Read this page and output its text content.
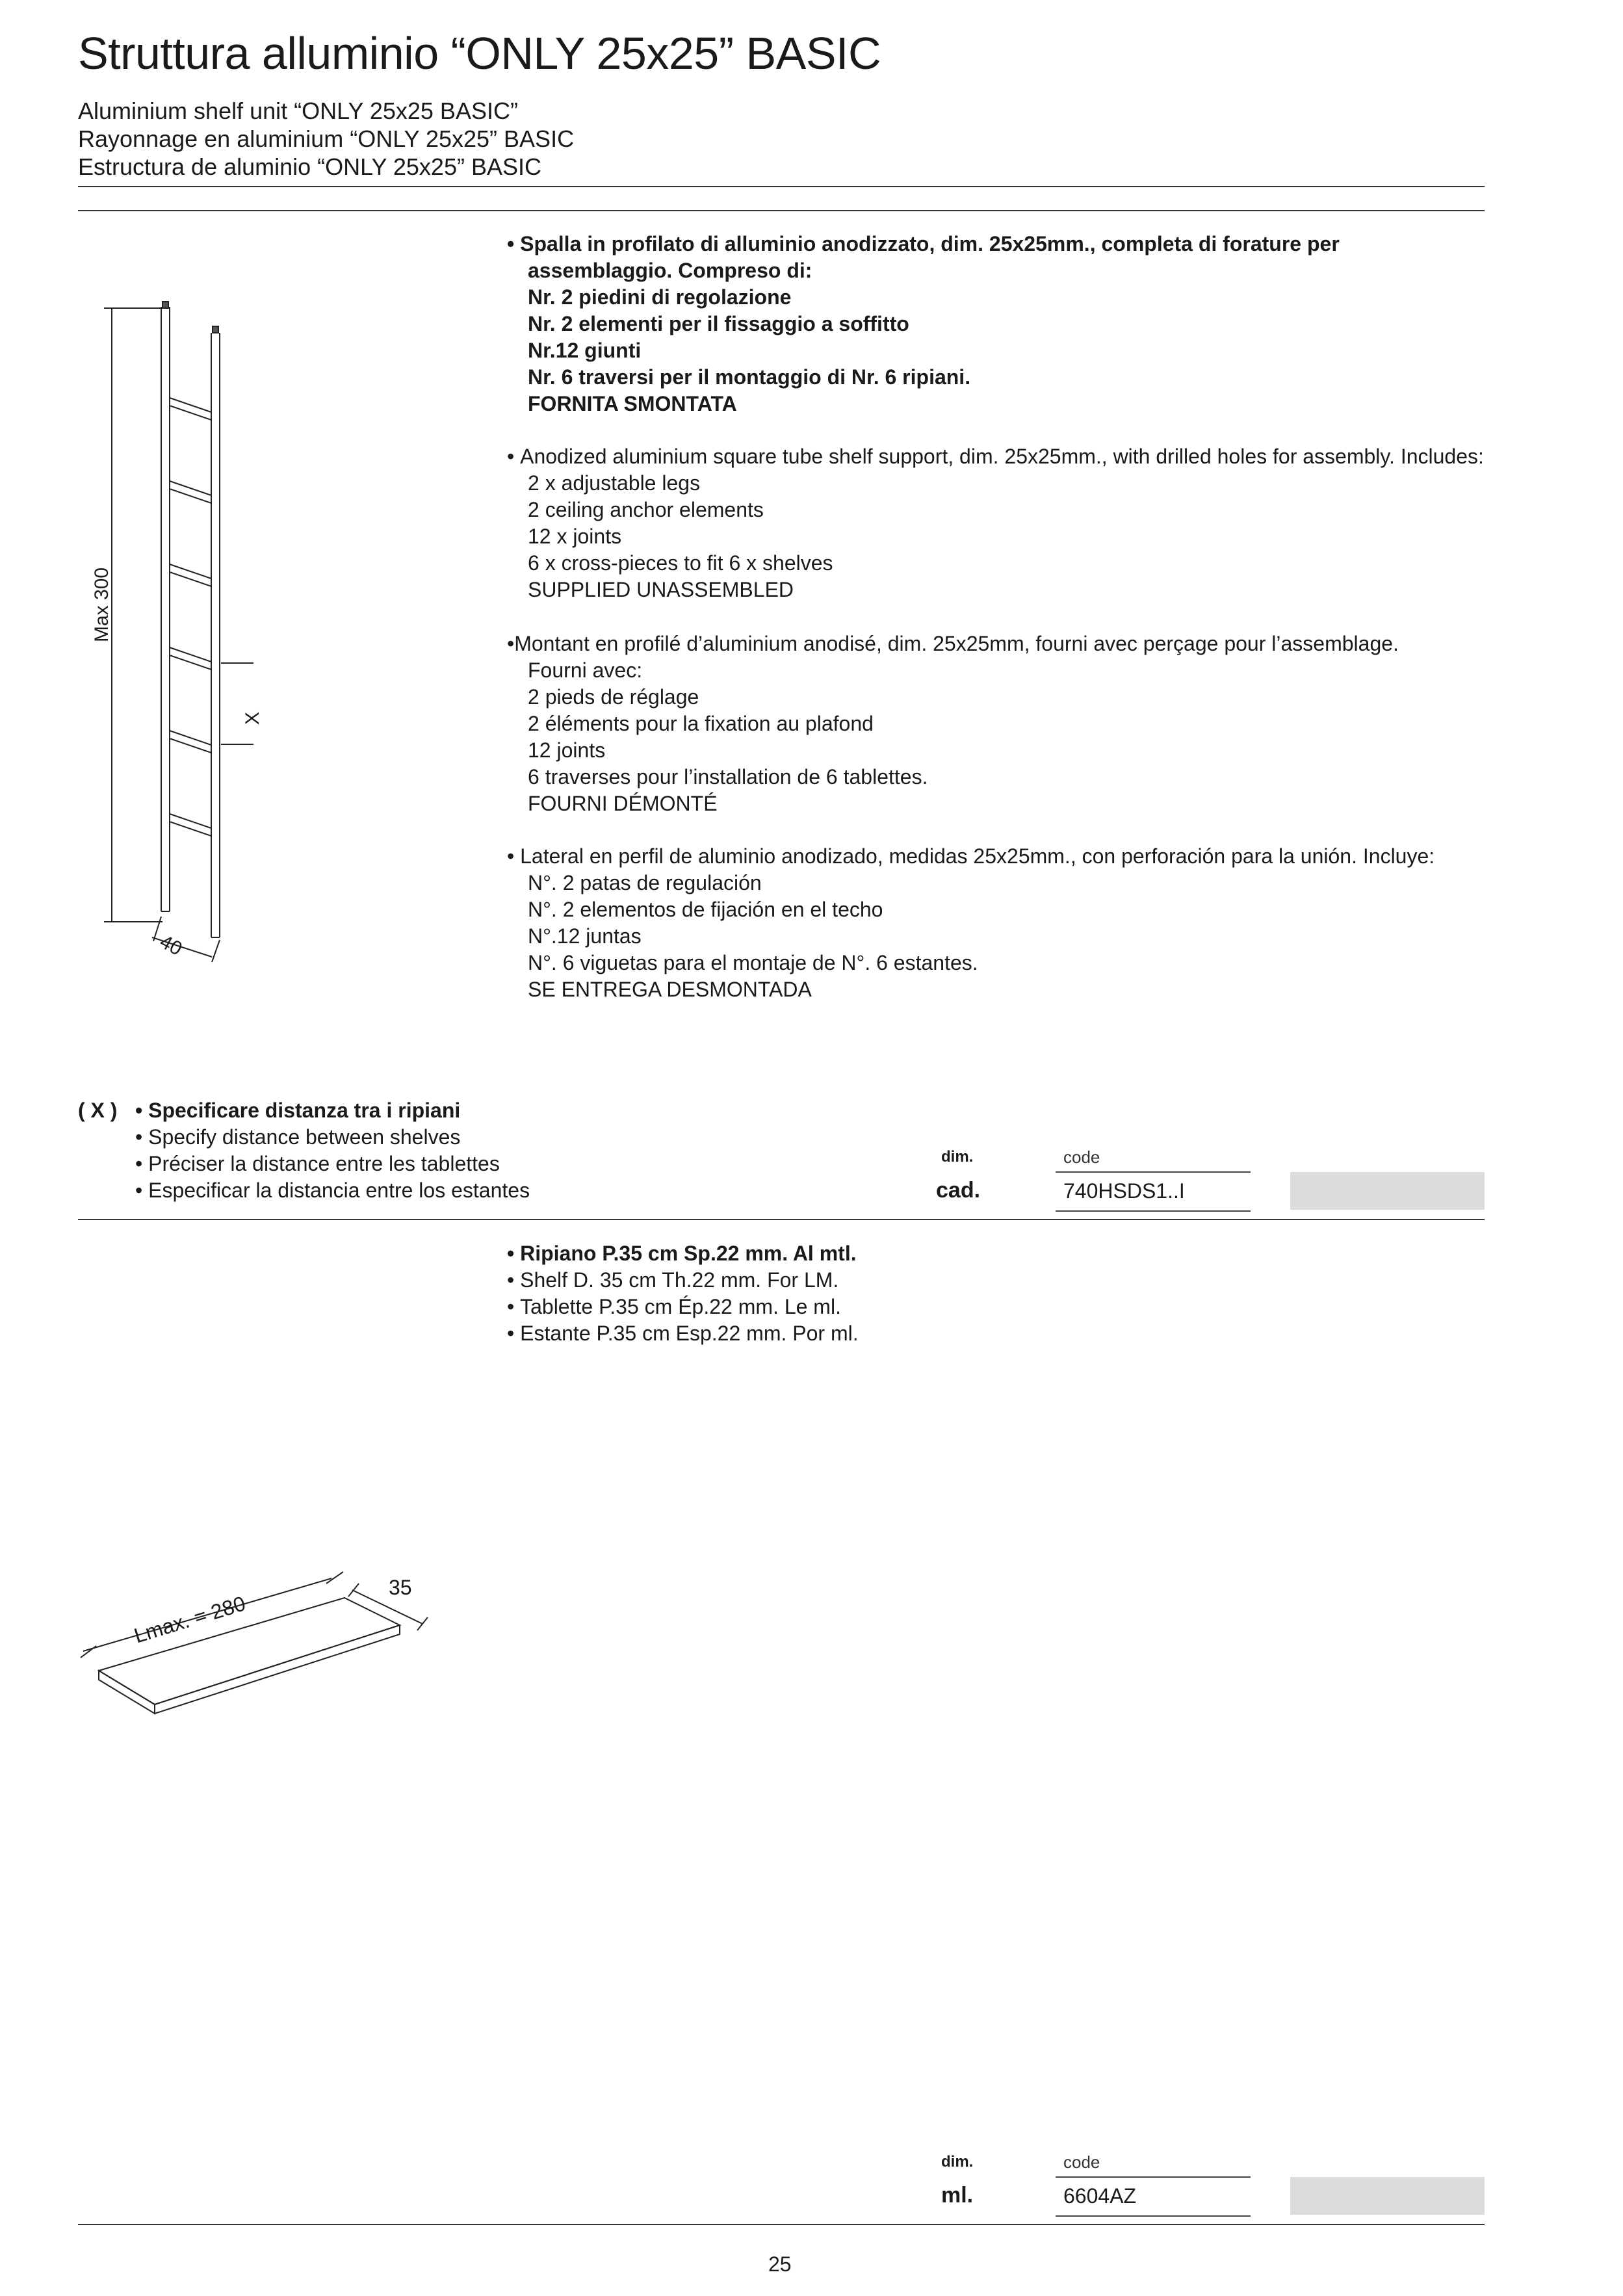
Struttura alluminio “ONLY 25x25” BASIC
Aluminium shelf unit “ONLY 25x25 BASIC”
Rayonnage en aluminium “ONLY 25x25” BASIC
Estructura de aluminio “ONLY 25x25” BASIC
Max 300
X
40
• Spalla in profilato di alluminio anodizzato, dim. 25x25mm., completa di forature per
assemblaggio. Compreso di:
Nr. 2 piedini di regolazione
Nr. 2 elementi per il fissaggio a soffitto
Nr.12 giunti
Nr. 6 traversi per il montaggio di Nr. 6 ripiani.
FORNITA SMONTATA
• Anodized aluminium square tube shelf support, dim. 25x25mm., with drilled holes for assembly. Includes:
2 x adjustable legs
2 ceiling anchor elements
12 x joints
6 x cross-pieces to fit 6 x shelves
SUPPLIED UNASSEMBLED
•Montant en profilé d’aluminium anodisé, dim. 25x25mm, fourni avec perçage pour l’assemblage.
Fourni avec:
2 pieds de réglage
2 éléments pour la fixation au plafond
12 joints
6 traverses pour l’installation de 6 tablettes.
FOURNI DÉMONTÉ
• Lateral en perfil de aluminio anodizado, medidas 25x25mm., con perforación para la unión. Incluye:
N°. 2 patas de regulación
N°. 2 elementos de fijación en el techo
N°.12 juntas
N°. 6 viguetas para el montaje de N°. 6 estantes.
SE ENTREGA DESMONTADA
( X ) • Specificare distanza tra i ripiani
• Specify distance between shelves
• Préciser la distance entre les tablettes
• Especificar la distancia entre los estantes
dim.	code
cad.	740HSDS1..I
• Ripiano P.35 cm Sp.22 mm. Al mtl.
• Shelf D. 35 cm Th.22 mm. For LM.
• Tablette P.35 cm Ép.22 mm. Le ml.
• Estante P.35 cm Esp.22 mm. Por ml.
Lmax. = 280
35
dim.	code
ml.	6604AZ
25
